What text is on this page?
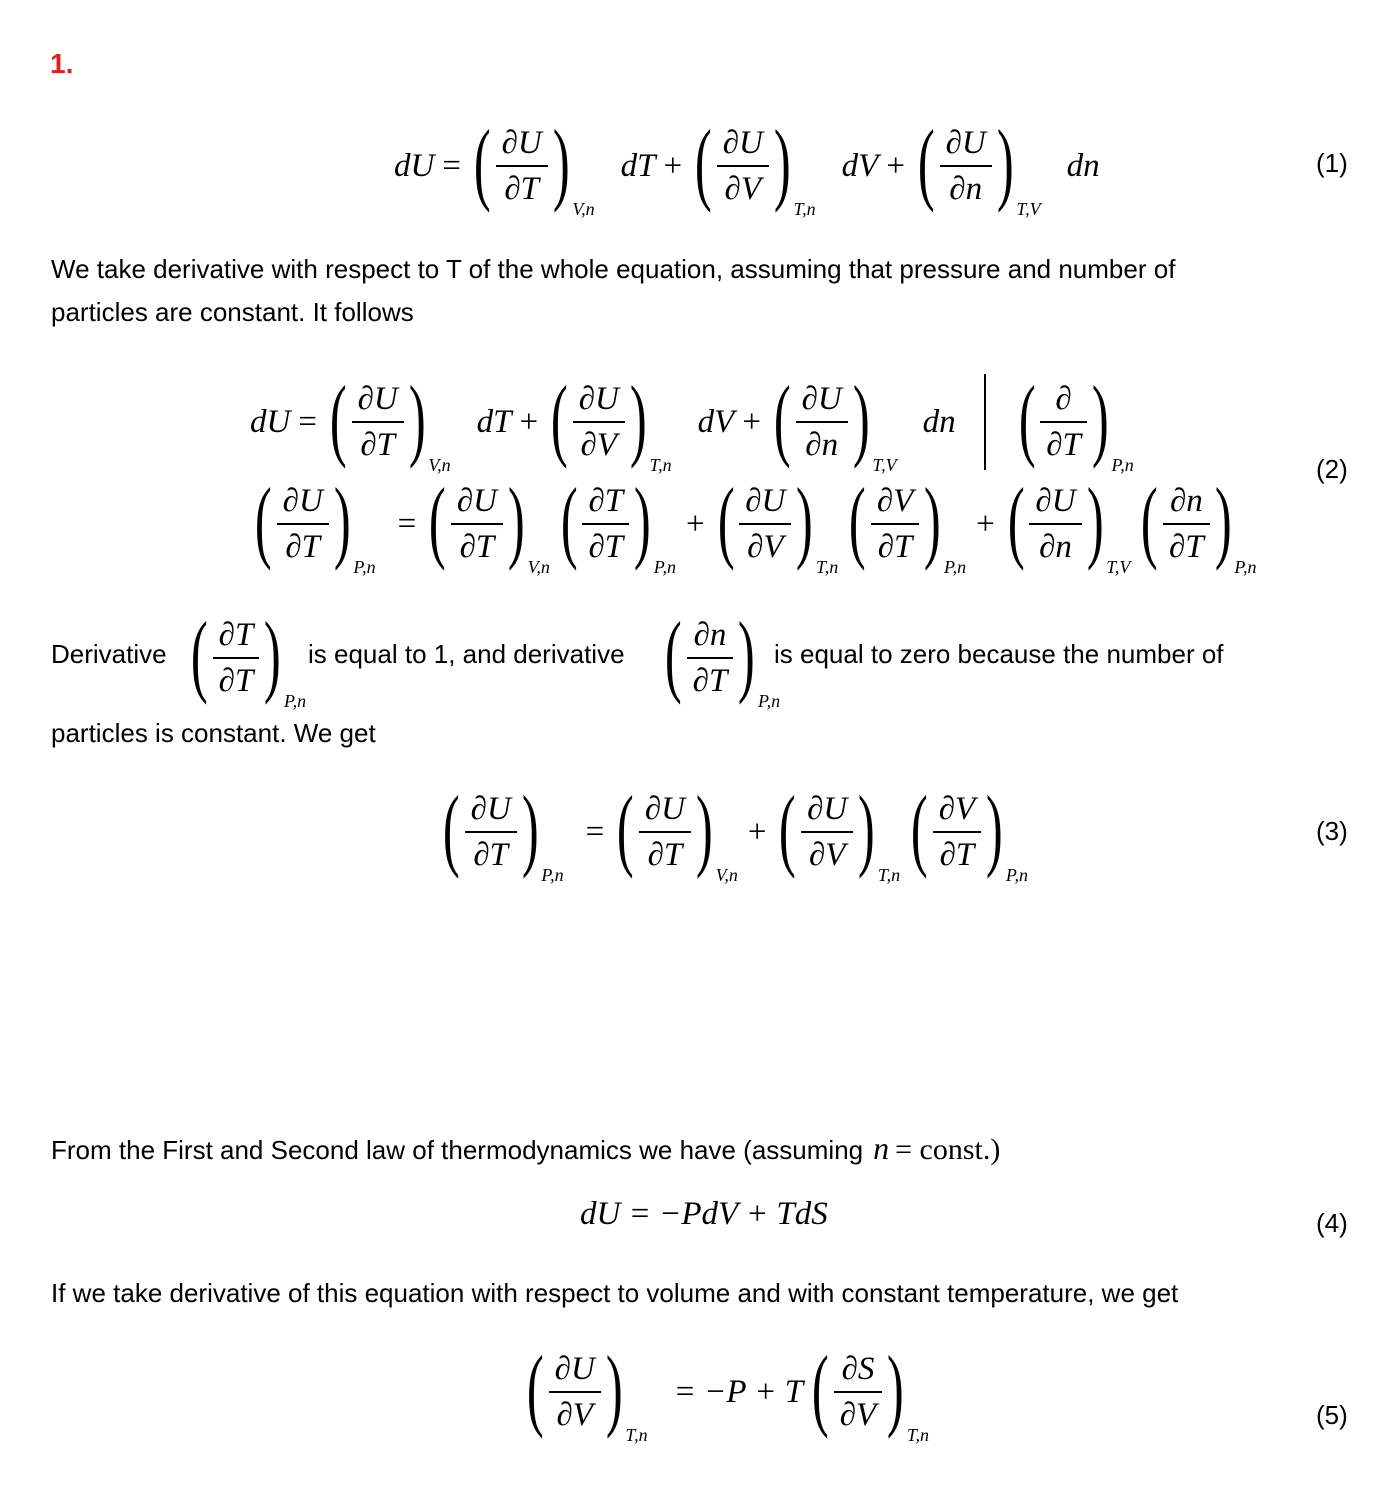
1.
dU = ( $\frac{\partial U}{\partial T}$ ) V,n
dT + ( $\frac{\partial U}{\partial V}$ ) T,n
dV + ( $\frac{\partial U}{\partial n}$ ) T,V
dn	(1)
We take derivative with respect to T of the whole equation, assuming that pressure and number of
particles are constant. It follows
dU = ( $\frac{\partial U}{\partial T}$ ) V,n
dT + ( $\frac{\partial U}{\partial V}$ ) T,n
dV + ( $\frac{\partial U}{\partial n}$ ) T,V
dn ( $\frac{\partial}{\partial T}$ ) P,n
( $\frac{\partial U}{\partial T}$ ) P,n
= ( $\frac{\partial U}{\partial T}$ ) V,n ( $\frac{\partial T}{\partial T}$ ) P,n
+ ( $\frac{\partial U}{\partial V}$ ) T,n ( $\frac{\partial V}{\partial T}$ ) P,n
+ ( $\frac{\partial U}{\partial n}$ ) T,V ( $\frac{\partial n}{\partial T}$ ) P,n
(2)
Derivative ( $\frac{\partial T}{\partial T}$ ) P,n
is equal to 1, and derivative ( $\frac{\partial n}{\partial T}$ ) P,n
is equal to zero because the number of
particles is constant. We get
( $\frac{\partial U}{\partial T}$ ) P,n
= ( $\frac{\partial U}{\partial T}$ ) V,n
+ ( $\frac{\partial U}{\partial V}$ ) T,n ( $\frac{\partial V}{\partial T}$ ) P,n
(3)
From the First and Second law of thermodynamics we have (assuming n = const.)
dU = −PdV + TdS	(4)
If we take derivative of this equation with respect to volume and with constant temperature, we get
( $\frac{\partial U}{\partial V}$ ) T,n
= −P + T ( $\frac{\partial S}{\partial V}$ ) T,n
(5)
